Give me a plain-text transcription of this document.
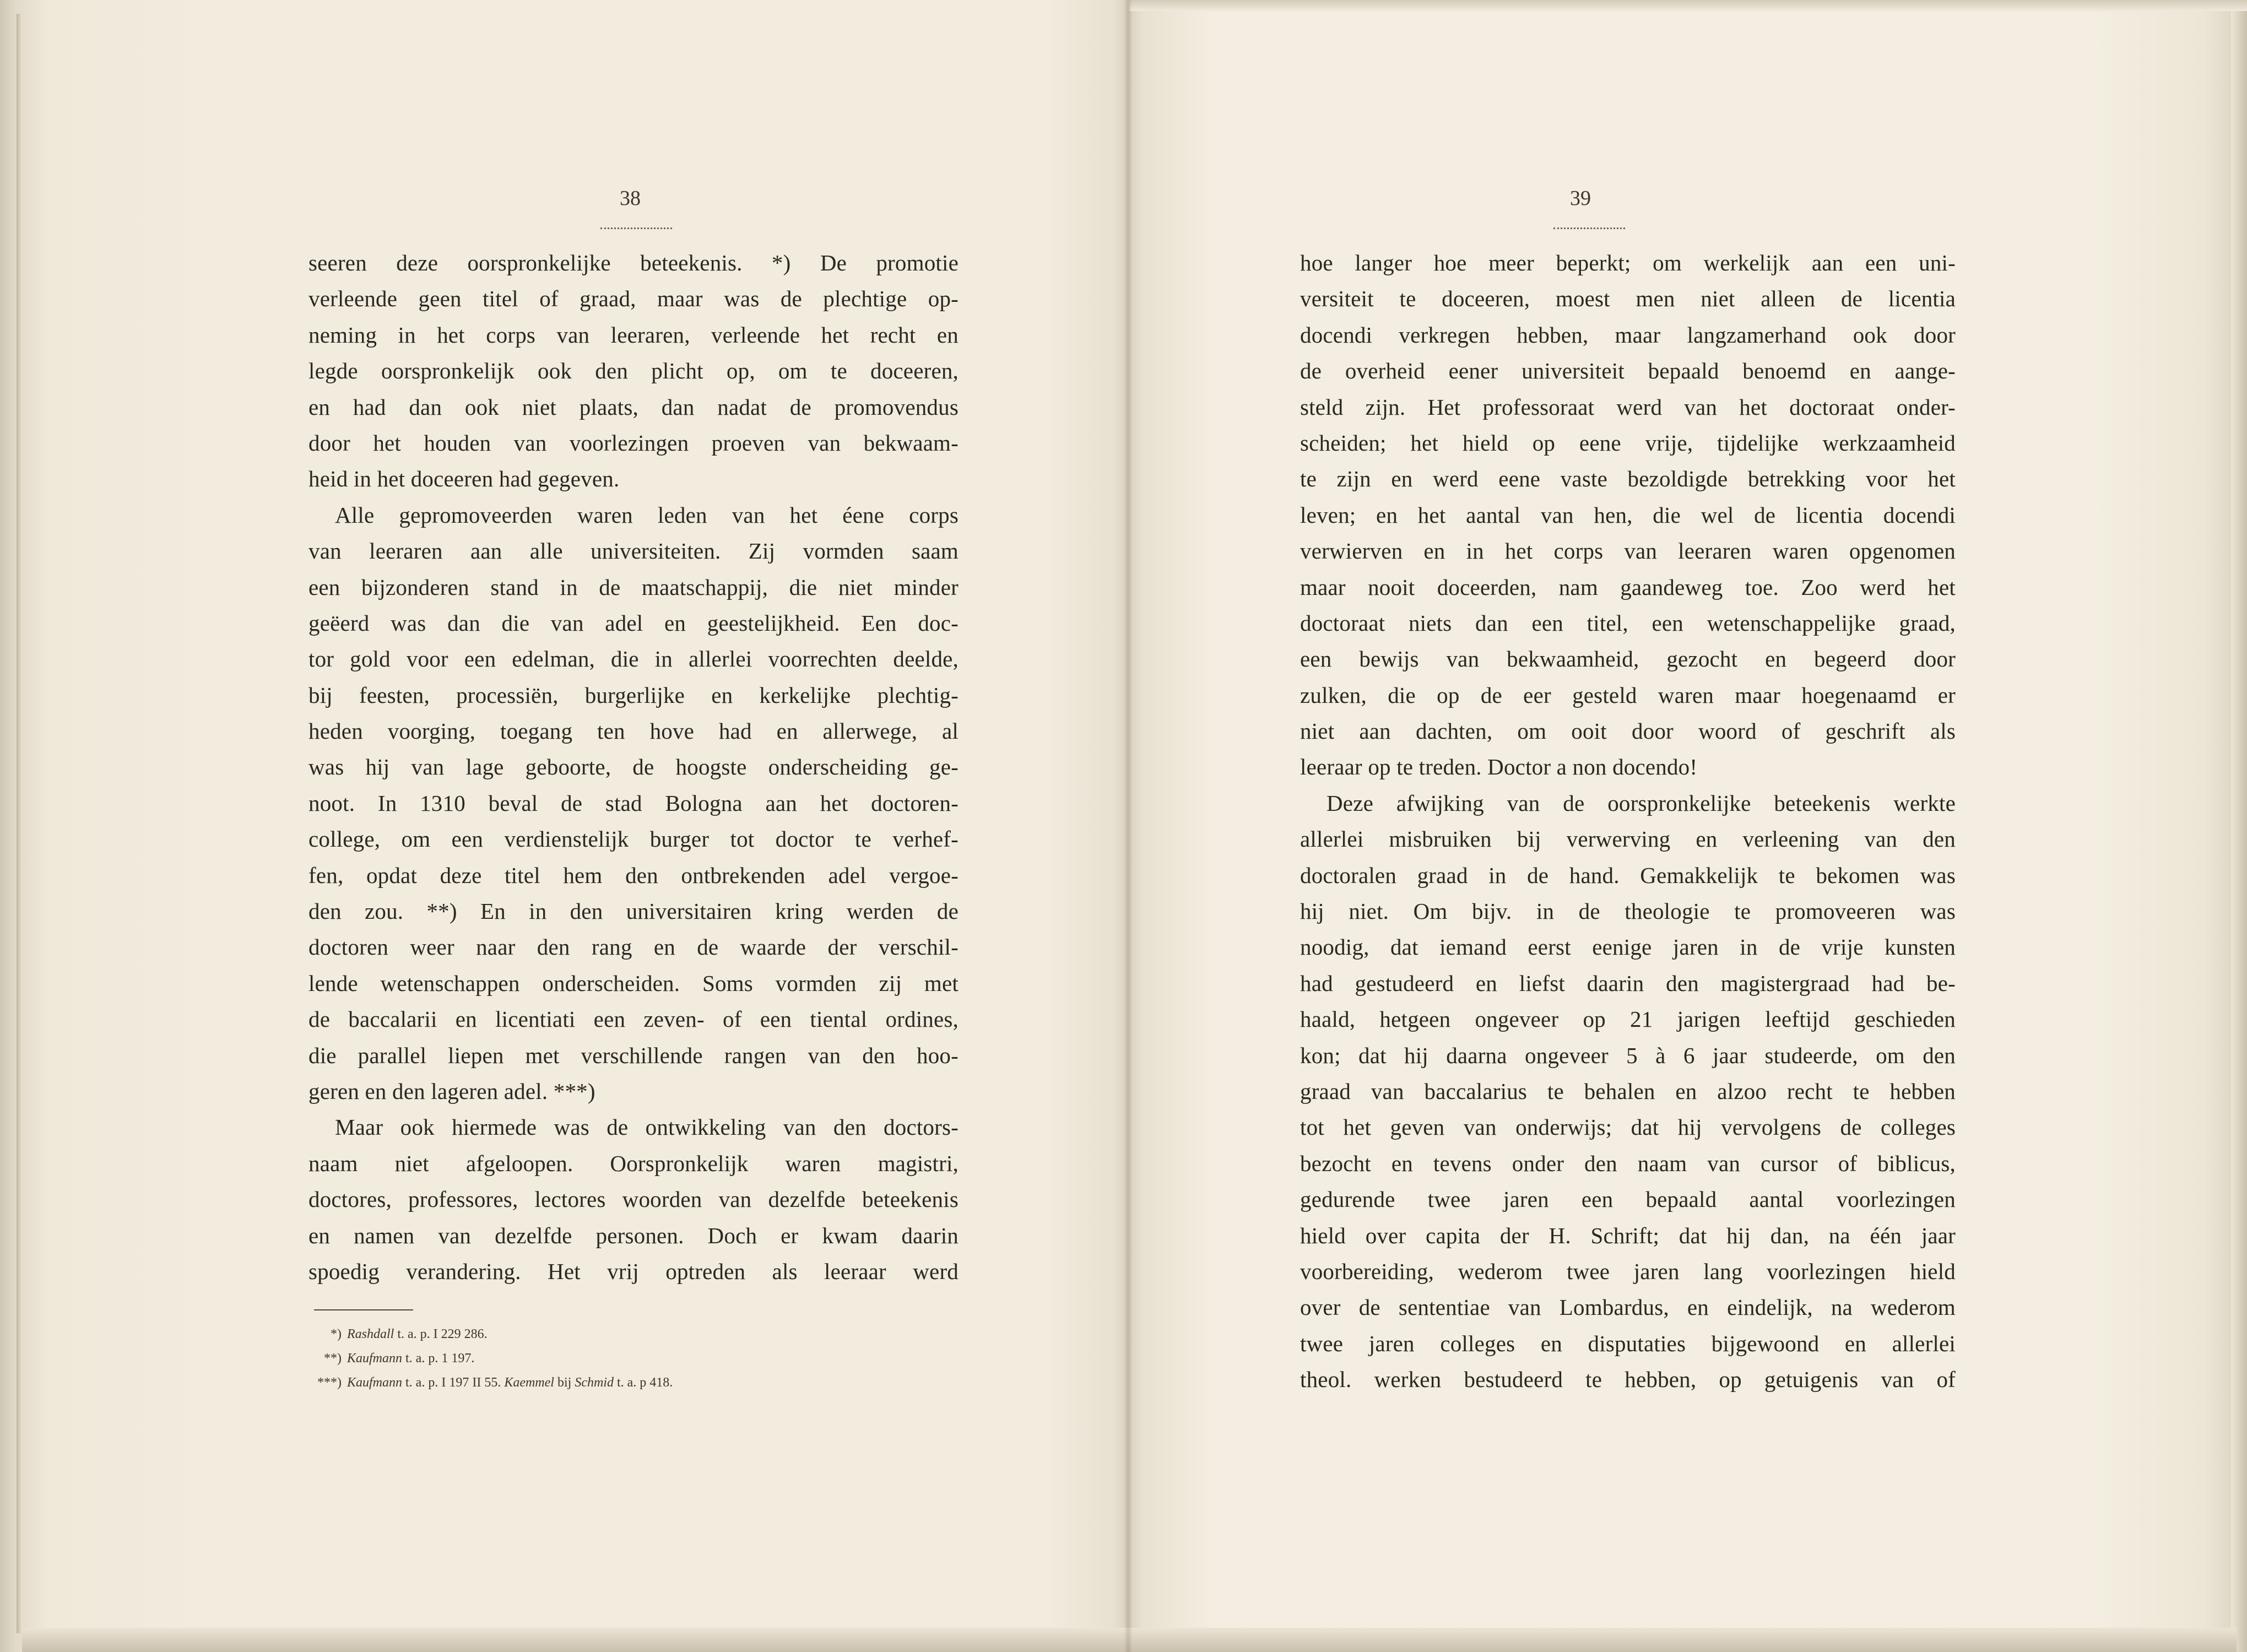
38
seeren deze oorspronkelijke beteekenis. *) De promotie
verleende geen titel of graad, maar was de plechtige op-
neming in het corps van leeraren, verleende het recht en
legde oorspronkelijk ook den plicht op, om te doceeren,
en had dan ook niet plaats, dan nadat de promovendus
door het houden van voorlezingen proeven van bekwaam-
heid in het doceeren had gegeven.
Alle gepromoveerden waren leden van het éene corps
van leeraren aan alle universiteiten. Zij vormden saam
een bijzonderen stand in de maatschappij, die niet minder
geëerd was dan die van adel en geestelijkheid. Een doc-
tor gold voor een edelman, die in allerlei voorrechten deelde,
bij feesten, processiën, burgerlijke en kerkelijke plechtig-
heden voorging, toegang ten hove had en allerwege, al
was hij van lage geboorte, de hoogste onderscheiding ge-
noot. In 1310 beval de stad Bologna aan het doctoren-
college, om een verdienstelijk burger tot doctor te verhef-
fen, opdat deze titel hem den ontbrekenden adel vergoe-
den zou. **) En in den universitairen kring werden de
doctoren weer naar den rang en de waarde der verschil-
lende wetenschappen onderscheiden. Soms vormden zij met
de baccalarii en licentiati een zeven- of een tiental ordines,
die parallel liepen met verschillende rangen van den hoo-
geren en den lageren adel. ***)
Maar ook hiermede was de ontwikkeling van den doctors-
naam niet afgeloopen. Oorspronkelijk waren magistri,
doctores, professores, lectores woorden van dezelfde beteekenis
en namen van dezelfde personen. Doch er kwam daarin
spoedig verandering. Het vrij optreden als leeraar werd
*) Rashdall t. a. p. I 229 286.
**) Kaufmann t. a. p. 1 197.
***) Kaufmann t. a. p. I 197 II 55. Kaemmel bij Schmid t. a. p 418.
39
hoe langer hoe meer beperkt; om werkelijk aan een uni-
versiteit te doceeren, moest men niet alleen de licentia
docendi verkregen hebben, maar langzamerhand ook door
de overheid eener universiteit bepaald benoemd en aange-
steld zijn. Het professoraat werd van het doctoraat onder-
scheiden; het hield op eene vrije, tijdelijke werkzaamheid
te zijn en werd eene vaste bezoldigde betrekking voor het
leven; en het aantal van hen, die wel de licentia docendi
verwierven en in het corps van leeraren waren opgenomen
maar nooit doceerden, nam gaandeweg toe. Zoo werd het
doctoraat niets dan een titel, een wetenschappelijke graad,
een bewijs van bekwaamheid, gezocht en begeerd door
zulken, die op de eer gesteld waren maar hoegenaamd er
niet aan dachten, om ooit door woord of geschrift als
leeraar op te treden. Doctor a non docendo!
Deze afwijking van de oorspronkelijke beteekenis werkte
allerlei misbruiken bij verwerving en verleening van den
doctoralen graad in de hand. Gemakkelijk te bekomen was
hij niet. Om bijv. in de theologie te promoveeren was
noodig, dat iemand eerst eenige jaren in de vrije kunsten
had gestudeerd en liefst daarin den magistergraad had be-
haald, hetgeen ongeveer op 21 jarigen leeftijd geschieden
kon; dat hij daarna ongeveer 5 à 6 jaar studeerde, om den
graad van baccalarius te behalen en alzoo recht te hebben
tot het geven van onderwijs; dat hij vervolgens de colleges
bezocht en tevens onder den naam van cursor of biblicus,
gedurende twee jaren een bepaald aantal voorlezingen
hield over capita der H. Schrift; dat hij dan, na één jaar
voorbereiding, wederom twee jaren lang voorlezingen hield
over de sententiae van Lombardus, en eindelijk, na wederom
twee jaren colleges en disputaties bijgewoond en allerlei
theol. werken bestudeerd te hebben, op getuigenis van of
